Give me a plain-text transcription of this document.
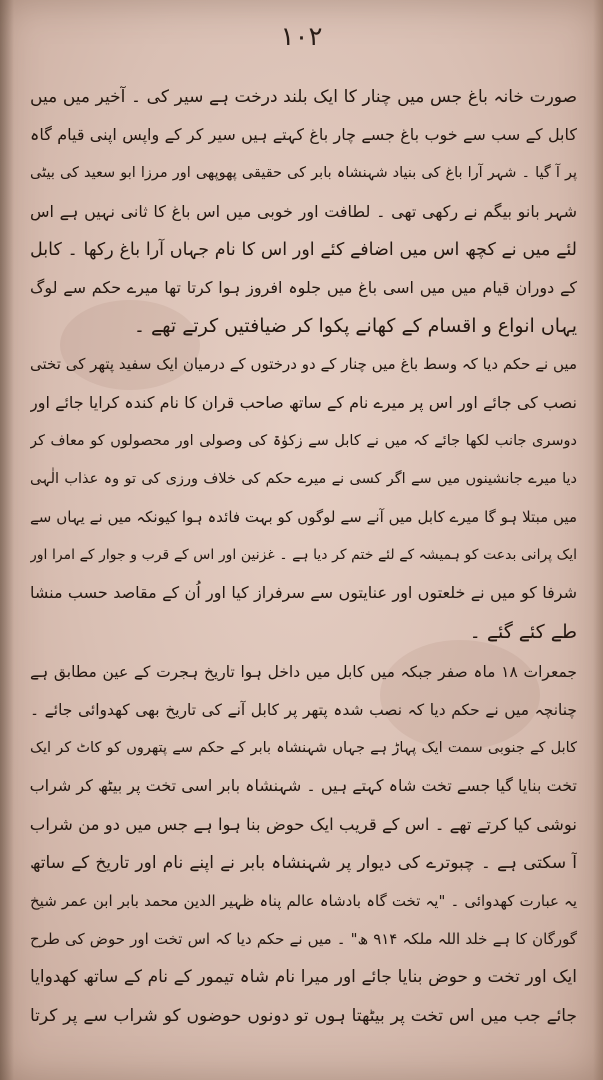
۱۰۲
صورت خانہ باغ جس میں چنار کا ایک بلند درخت ہے سیر کی ۔ آخیر میں میں
کابل کے سب سے خوب باغ جسے چار باغ کہتے ہیں سیر کر کے واپس اپنی قیام گاہ
پر آ گیا ۔ شہر آرا باغ کی بنیاد شہنشاہ بابر کی حقیقی پھوپھی اور مرزا ابو سعید کی بیٹی
شہر بانو بیگم نے رکھی تھی ۔ لطافت اور خوبی میں اس باغ کا ثانی نہیں ہے اس
لئے میں نے کچھ اس میں اضافے کئے اور اس کا نام جہاں آرا باغ رکھا ۔ کابل
کے دوران قیام میں میں اسی باغ میں جلوہ افروز ہوا کرتا تھا میرے حکم سے لوگ
یہاں انواع و اقسام کے کھانے پکوا کر ضیافتیں کرتے تھے ۔
میں نے حکم دیا کہ وسط باغ میں چنار کے دو درختوں کے درمیان ایک سفید پتھر کی تختی
نصب کی جائے اور اس پر میرے نام کے ساتھ صاحب قران کا نام کندہ کرایا جائے اور
دوسری جانب لکھا جائے کہ میں نے کابل سے زکوٰۃ کی وصولی اور محصولوں کو معاف کر
دیا میرے جانشینوں میں سے اگر کسی نے میرے حکم کی خلاف ورزی کی تو وہ عذاب الٰہی
میں مبتلا ہو گا میرے کابل میں آنے سے لوگوں کو بہت فائدہ ہوا کیونکہ میں نے یہاں سے
ایک پرانی بدعت کو ہمیشہ کے لئے ختم کر دیا ہے ۔ غزنین اور اس کے قرب و جوار کے امرا اور
شرفا کو میں نے خلعتوں اور عنایتوں سے سرفراز کیا اور اُن کے مقاصد حسب منشا
طے کئے گئے ۔
جمعرات ۱۸ ماہ صفر جبکہ میں کابل میں داخل ہوا تاریخ ہجرت کے عین مطابق ہے
چنانچہ میں نے حکم دیا کہ نصب شدہ پتھر پر کابل آنے کی تاریخ بھی کھدوائی جائے ۔
کابل کے جنوبی سمت ایک پہاڑ ہے جہاں شہنشاہ بابر کے حکم سے پتھروں کو کاٹ کر ایک
تخت بنایا گیا جسے تخت شاہ کہتے ہیں ۔ شہنشاہ بابر اسی تخت پر بیٹھ کر شراب
نوشی کیا کرتے تھے ۔ اس کے قریب ایک حوض بنا ہوا ہے جس میں دو من شراب
آ سکتی ہے ۔ چبوترے کی دیوار پر شہنشاہ بابر نے اپنے نام اور تاریخ کے ساتھ
یہ عبارت کھدوائی ۔ "یہ تخت گاہ بادشاہ عالم پناہ ظہیر الدین محمد بابر ابن عمر شیخ
گورگان کا ہے خلد اللہ ملکہ ۹۱۴ ھ" ۔ میں نے حکم دیا کہ اس تخت اور حوض کی طرح
ایک اور تخت و حوض بنایا جائے اور میرا نام شاہ تیمور کے نام کے ساتھ کھدوایا
جائے جب میں اس تخت پر بیٹھتا ہوں تو دونوں حوضوں کو شراب سے پر کرتا
